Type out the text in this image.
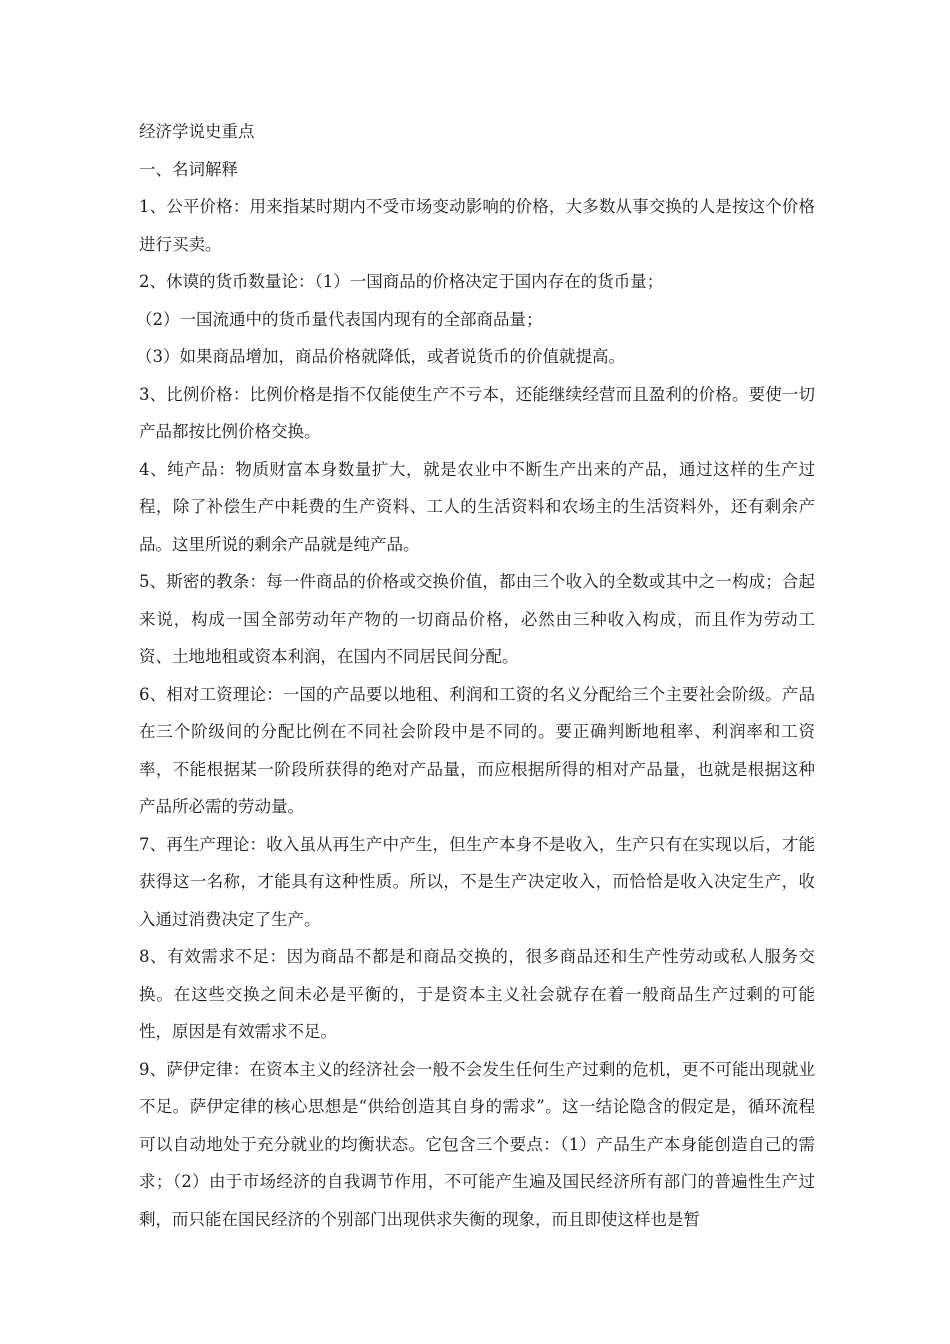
经济学说史重点

一、名词解释

1、公平价格：用来指某时期内不受市场变动影响的价格，大多数从事交换的人是按这个价格进行买卖。

2、休谟的货币数量论：（1）一国商品的价格决定于国内存在的货币量；

（2）一国流通中的货币量代表国内现有的全部商品量；

（3）如果商品增加，商品价格就降低，或者说货币的价值就提高。

3、比例价格：比例价格是指不仅能使生产不亏本，还能继续经营而且盈利的价格。要使一切产品都按比例价格交换。

4、纯产品：物质财富本身数量扩大，就是农业中不断生产出来的产品，通过这样的生产过程，除了补偿生产中耗费的生产资料、工人的生活资料和农场主的生活资料外，还有剩余产品。这里所说的剩余产品就是纯产品。

5、斯密的教条：每一件商品的价格或交换价值，都由三个收入的全数或其中之一构成；合起来说，构成一国全部劳动年产物的一切商品价格，必然由三种收入构成，而且作为劳动工资、土地地租或资本利润，在国内不同居民间分配。

6、相对工资理论：一国的产品要以地租、利润和工资的名义分配给三个主要社会阶级。产品在三个阶级间的分配比例在不同社会阶段中是不同的。要正确判断地租率、利润率和工资率，不能根据某一阶段所获得的绝对产品量，而应根据所得的相对产品量，也就是根据这种产品所必需的劳动量。

7、再生产理论：收入虽从再生产中产生，但生产本身不是收入，生产只有在实现以后，才能获得这一名称，才能具有这种性质。所以，不是生产决定收入，而恰恰是收入决定生产，收入通过消费决定了生产。

8、有效需求不足：因为商品不都是和商品交换的，很多商品还和生产性劳动或私人服务交换。在这些交换之间未必是平衡的，于是资本主义社会就存在着一般商品生产过剩的可能性，原因是有效需求不足。

9、萨伊定律：在资本主义的经济社会一般不会发生任何生产过剩的危机，更不可能出现就业不足。萨伊定律的核心思想是“供给创造其自身的需求”。这一结论隐含的假定是，循环流程可以自动地处于充分就业的均衡状态。它包含三个要点：（1）产品生产本身能创造自己的需求；（2）由于市场经济的自我调节作用，不可能产生遍及国民经济所有部门的普遍性生产过剩，而只能在国民经济的个别部门出现供求失衡的现象，而且即使这样也是暂
